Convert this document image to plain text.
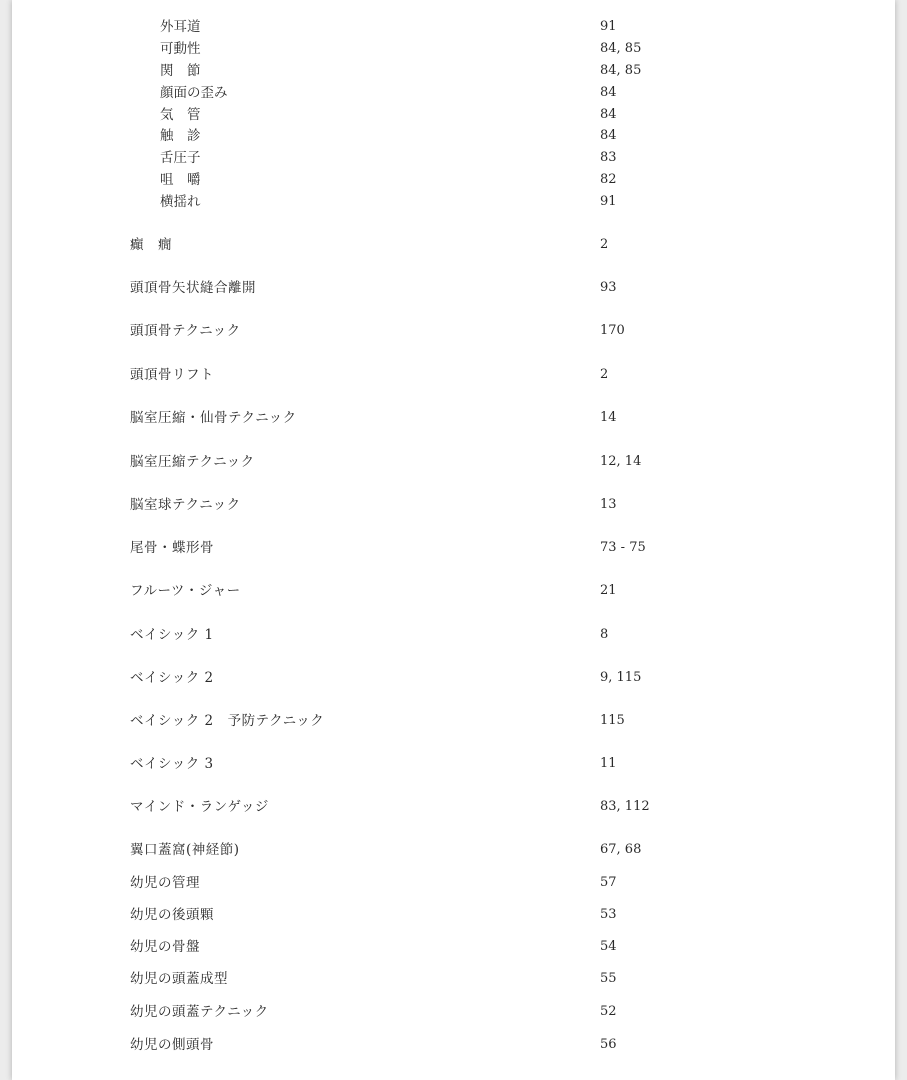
外耳道	91
可動性	84, 85
関　節	84, 85
顔面の歪み	84
気　管	84
触　診	84
舌圧子	83
咀　嚼	82
横揺れ	91
癲　癇	2
頭頂骨矢状縫合離開	93
頭頂骨テクニック	170
頭頂骨リフト	2
脳室圧縮・仙骨テクニック	14
脳室圧縮テクニック	12, 14
脳室球テクニック	13
尾骨・蝶形骨	73 - 75
フルーツ・ジャー	21
ベイシック 1	8
ベイシック 2	9, 115
ベイシック 2　予防テクニック	115
ベイシック 3	11
マインド・ランゲッジ	83, 112
翼口蓋窩(神経節)	67, 68
幼児の管理	57
幼児の後頭顆	53
幼児の骨盤	54
幼児の頭蓋成型	55
幼児の頭蓋テクニック	52
幼児の側頭骨	56
